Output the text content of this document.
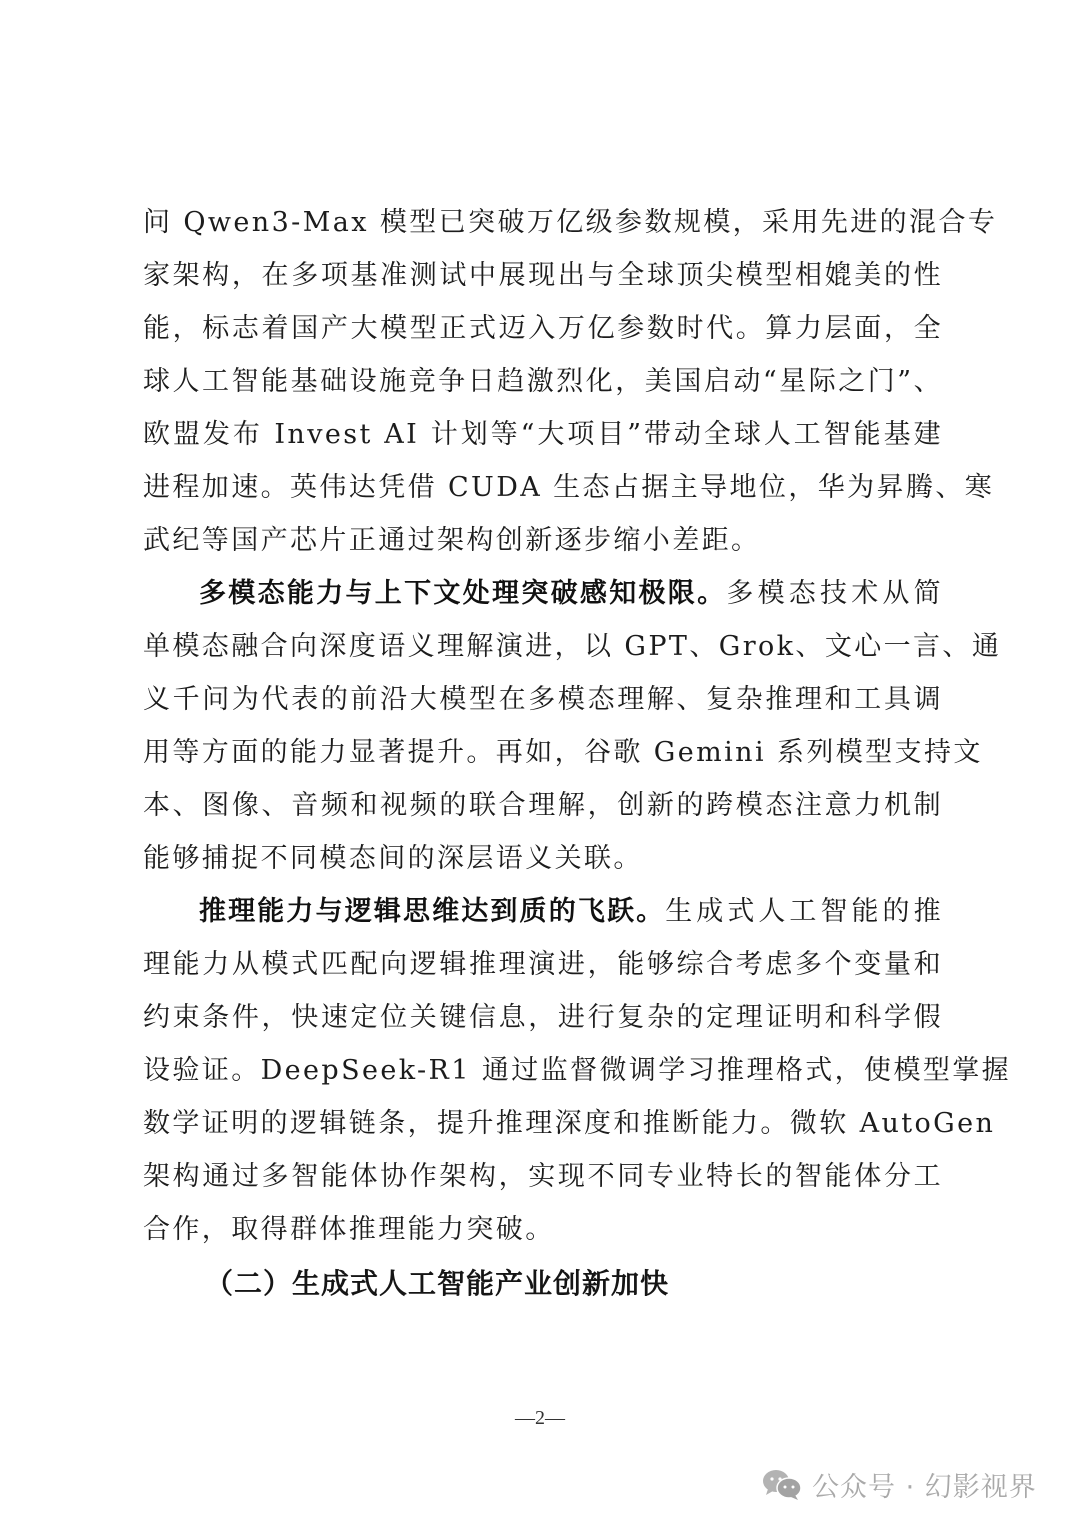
问 Qwen3-Max 模型已突破万亿级参数规模，采用先进的混合专
家架构，在多项基准测试中展现出与全球顶尖模型相媲美的性
能，标志着国产大模型正式迈入万亿参数时代。算力层面，全
球人工智能基础设施竞争日趋激烈化，美国启动“星际之门”、
欧盟发布 Invest AI 计划等“大项目”带动全球人工智能基建
进程加速。英伟达凭借 CUDA 生态占据主导地位，华为昇腾、寒
武纪等国产芯片正通过架构创新逐步缩小差距。
多模态能力与上下文处理突破感知极限。多模态技术从简
单模态融合向深度语义理解演进，以 GPT、Grok、文心一言、通
义千问为代表的前沿大模型在多模态理解、复杂推理和工具调
用等方面的能力显著提升。再如，谷歌 Gemini 系列模型支持文
本、图像、音频和视频的联合理解，创新的跨模态注意力机制
能够捕捉不同模态间的深层语义关联。
推理能力与逻辑思维达到质的飞跃。生成式人工智能的推
理能力从模式匹配向逻辑推理演进，能够综合考虑多个变量和
约束条件，快速定位关键信息，进行复杂的定理证明和科学假
设验证。DeepSeek-R1 通过监督微调学习推理格式，使模型掌握
数学证明的逻辑链条，提升推理深度和推断能力。微软 AutoGen
架构通过多智能体协作架构，实现不同专业特长的智能体分工
合作，取得群体推理能力突破。
（二）生成式人工智能产业创新加快
—2—
公众号 · 幻影视界
